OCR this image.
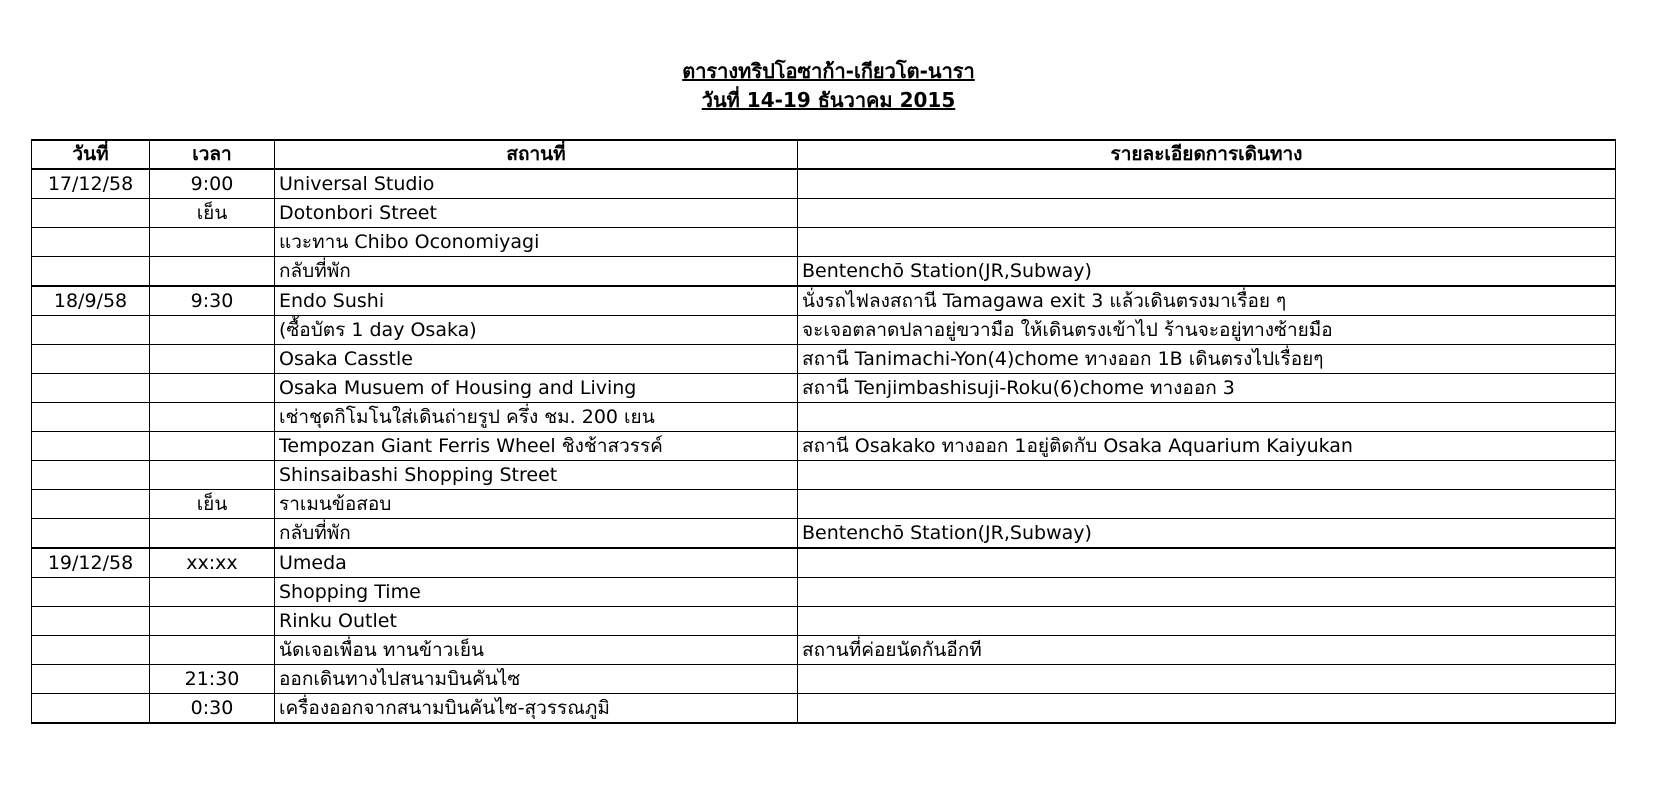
ตารางทริปโอซาก้า-เกียวโต-นารา
วันที่ 14-19 ธันวาคม 2015
วันที่	เวลา	สถานที่	รายละเอียดการเดินทาง
17/12/58	9:00	Universal Studio	
	เย็น	Dotonbori Street	
		แวะทาน Chibo Oconomiyagi	
		กลับที่พัก	Bentenchō Station(JR,Subway)
18/9/58	9:30	Endo Sushi	นั่งรถไฟลงสถานี Tamagawa exit 3 แล้วเดินตรงมาเรื่อย ๆ
		(ซื้อบัตร 1 day Osaka)	จะเจอตลาดปลาอยู่ขวามือ ให้เดินตรงเข้าไป ร้านจะอยู่ทางซ้ายมือ
		Osaka Casstle	สถานี Tanimachi-Yon(4)chome ทางออก 1B เดินตรงไปเรื่อยๆ
		Osaka Musuem of Housing and Living	สถานี Tenjimbashisuji-Roku(6)chome ทางออก 3
		เช่าชุดกิโมโนใส่เดินถ่ายรูป ครึ่ง ชม. 200 เยน	
		Tempozan Giant Ferris Wheel ชิงช้าสวรรค์	สถานี Osakako ทางออก 1อยู่ติดกับ Osaka Aquarium Kaiyukan
		Shinsaibashi Shopping Street	
	เย็น	ราเมนข้อสอบ	
		กลับที่พัก	Bentenchō Station(JR,Subway)
19/12/58	xx:xx	Umeda	
		Shopping Time	
		Rinku Outlet	
		นัดเจอเพื่อน ทานข้าวเย็น	สถานที่ค่อยนัดกันอีกที
	21:30	ออกเดินทางไปสนามบินคันไซ	
	0:30	เครื่องออกจากสนามบินคันไซ-สุวรรณภูมิ	
